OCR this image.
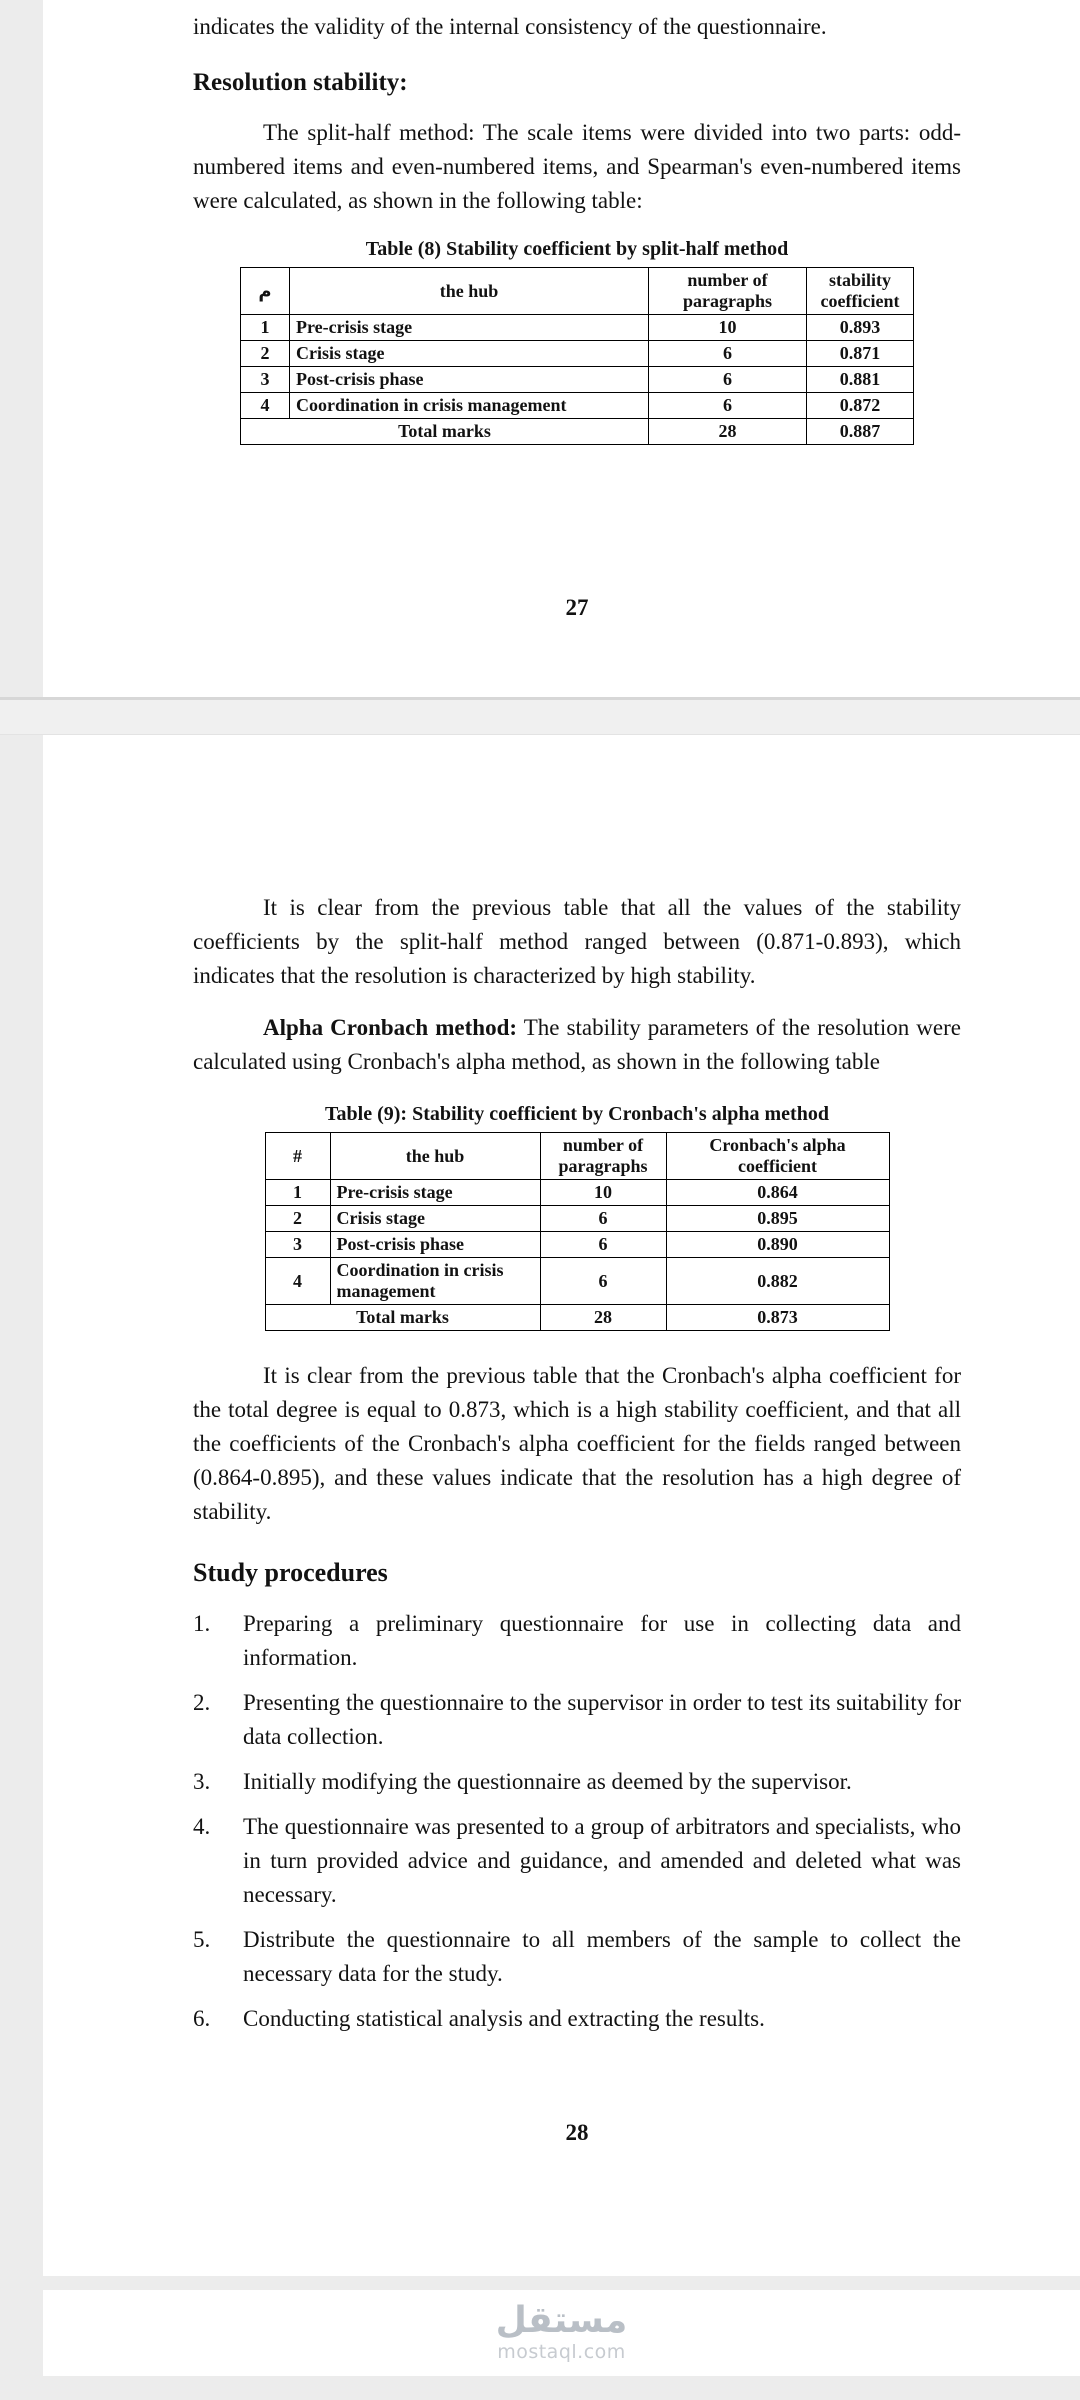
indicates the validity of the internal consistency of the questionnaire.

Resolution stability:

The split-half method: The scale items were divided into two parts: odd-numbered items and even-numbered items, and Spearman's even-numbered items were calculated, as shown in the following table:

Table (8) Stability coefficient by split-half method
م	the hub	number of paragraphs	stability coefficient
1	Pre-crisis stage	10	0.893
2	Crisis stage	6	0.871
3	Post-crisis phase	6	0.881
4	Coordination in crisis management	6	0.872
Total marks		28	0.887
27

It is clear from the previous table that all the values of the stability coefficients by the split-half method ranged between (0.871-0.893), which indicates that the resolution is characterized by high stability.

Alpha Cronbach method: The stability parameters of the resolution were calculated using Cronbach's alpha method, as shown in the following table

Table (9): Stability coefficient by Cronbach's alpha method
#	the hub	number of paragraphs	Cronbach's alpha coefficient
1	Pre-crisis stage	10	0.864
2	Crisis stage	6	0.895
3	Post-crisis phase	6	0.890
4	Coordination in crisis management	6	0.882
Total marks		28	0.873

It is clear from the previous table that the Cronbach's alpha coefficient for the total degree is equal to 0.873, which is a high stability coefficient, and that all the coefficients of the Cronbach's alpha coefficient for the fields ranged between (0.864-0.895), and these values indicate that the resolution has a high degree of stability.

Study procedures
1.	Preparing a preliminary questionnaire for use in collecting data and information.
2.	Presenting the questionnaire to the supervisor in order to test its suitability for data collection.
3.	Initially modifying the questionnaire as deemed by the supervisor.
4.	The questionnaire was presented to a group of arbitrators and specialists, who in turn provided advice and guidance, and amended and deleted what was necessary.
5.	Distribute the questionnaire to all members of the sample to collect the necessary data for the study.
6.	Conducting statistical analysis and extracting the results.
28
مستقل
mostaql.com
